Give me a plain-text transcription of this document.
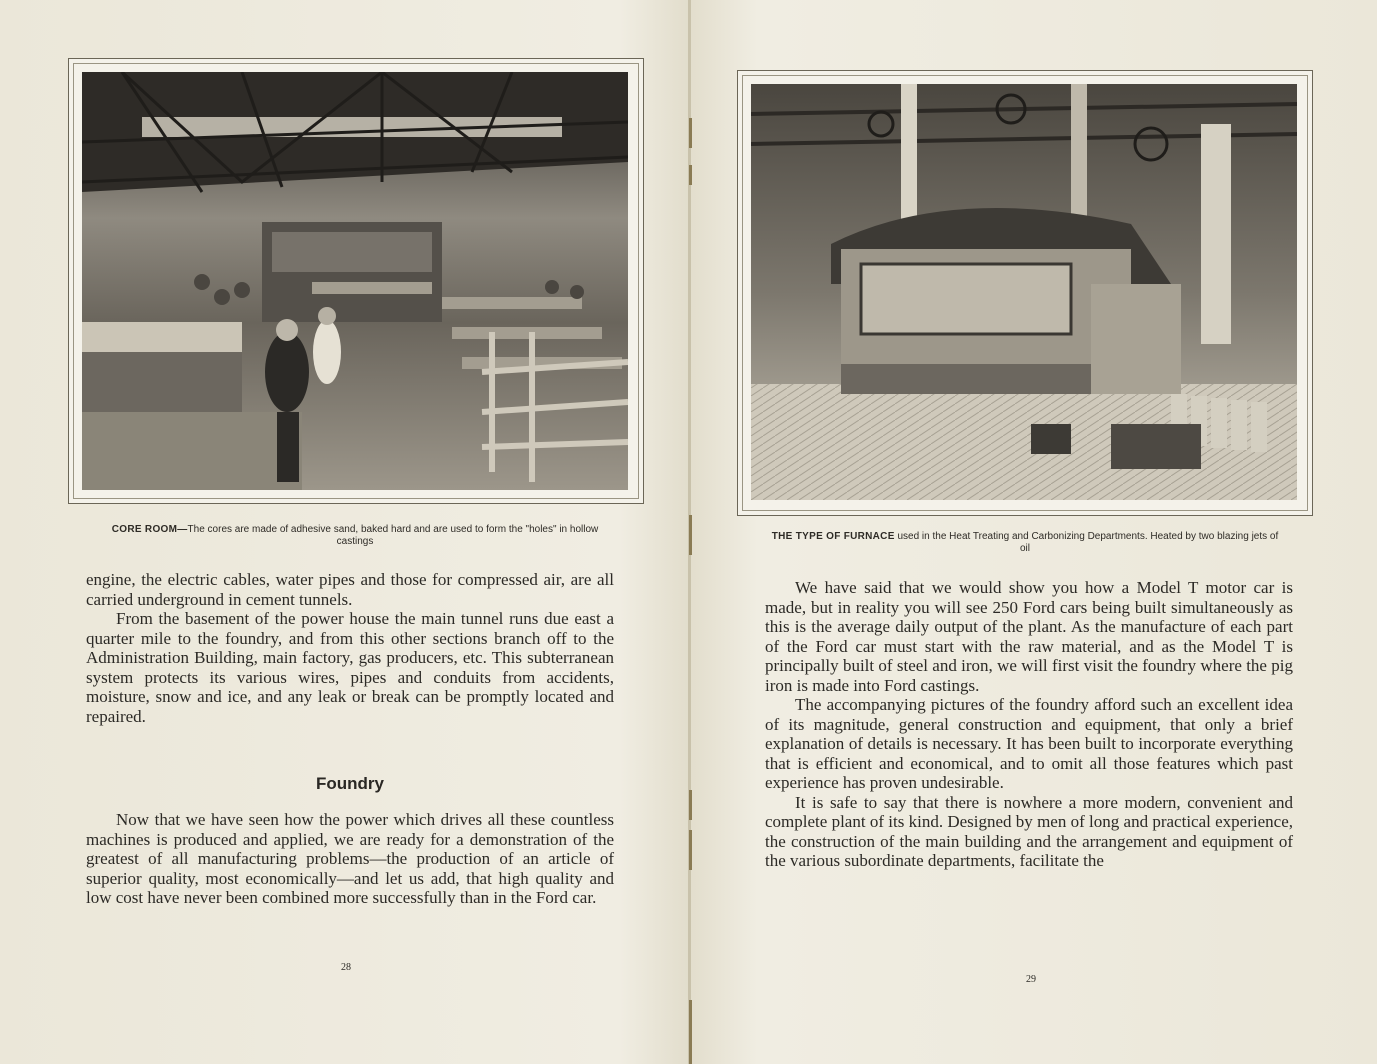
CORE ROOM—The cores are made of adhesive sand, baked hard and are used to form the "holes" in hollow castings

engine, the electric cables, water pipes and those for compressed air, are all carried underground in cement tunnels.

From the basement of the power house the main tunnel runs due east a quarter mile to the foundry, and from this other sections branch off to the Administration Building, main factory, gas producers, etc. This subterranean system protects its various wires, pipes and conduits from accidents, moisture, snow and ice, and any leak or break can be promptly located and repaired.

Foundry

Now that we have seen how the power which drives all these countless machines is produced and applied, we are ready for a demonstration of the greatest of all manufacturing problems—the production of an article of superior quality, most economically—and let us add, that high quality and low cost have never been combined more successfully than in the Ford car.

28
THE TYPE OF FURNACE used in the Heat Treating and Carbonizing Departments. Heated by two blazing jets of oil

We have said that we would show you how a Model T motor car is made, but in reality you will see 250 Ford cars being built simultaneously as this is the average daily output of the plant. As the manufacture of each part of the Ford car must start with the raw material, and as the Model T is principally built of steel and iron, we will first visit the foundry where the pig iron is made into Ford castings.

The accompanying pictures of the foundry afford such an excellent idea of its magnitude, general construction and equipment, that only a brief explanation of details is necessary. It has been built to incorporate everything that is efficient and economical, and to omit all those features which past experience has proven undesirable.

It is safe to say that there is nowhere a more modern, convenient and complete plant of its kind. Designed by men of long and practical experience, the construction of the main building and the arrangement and equipment of the various subordinate departments, facilitate the

29
